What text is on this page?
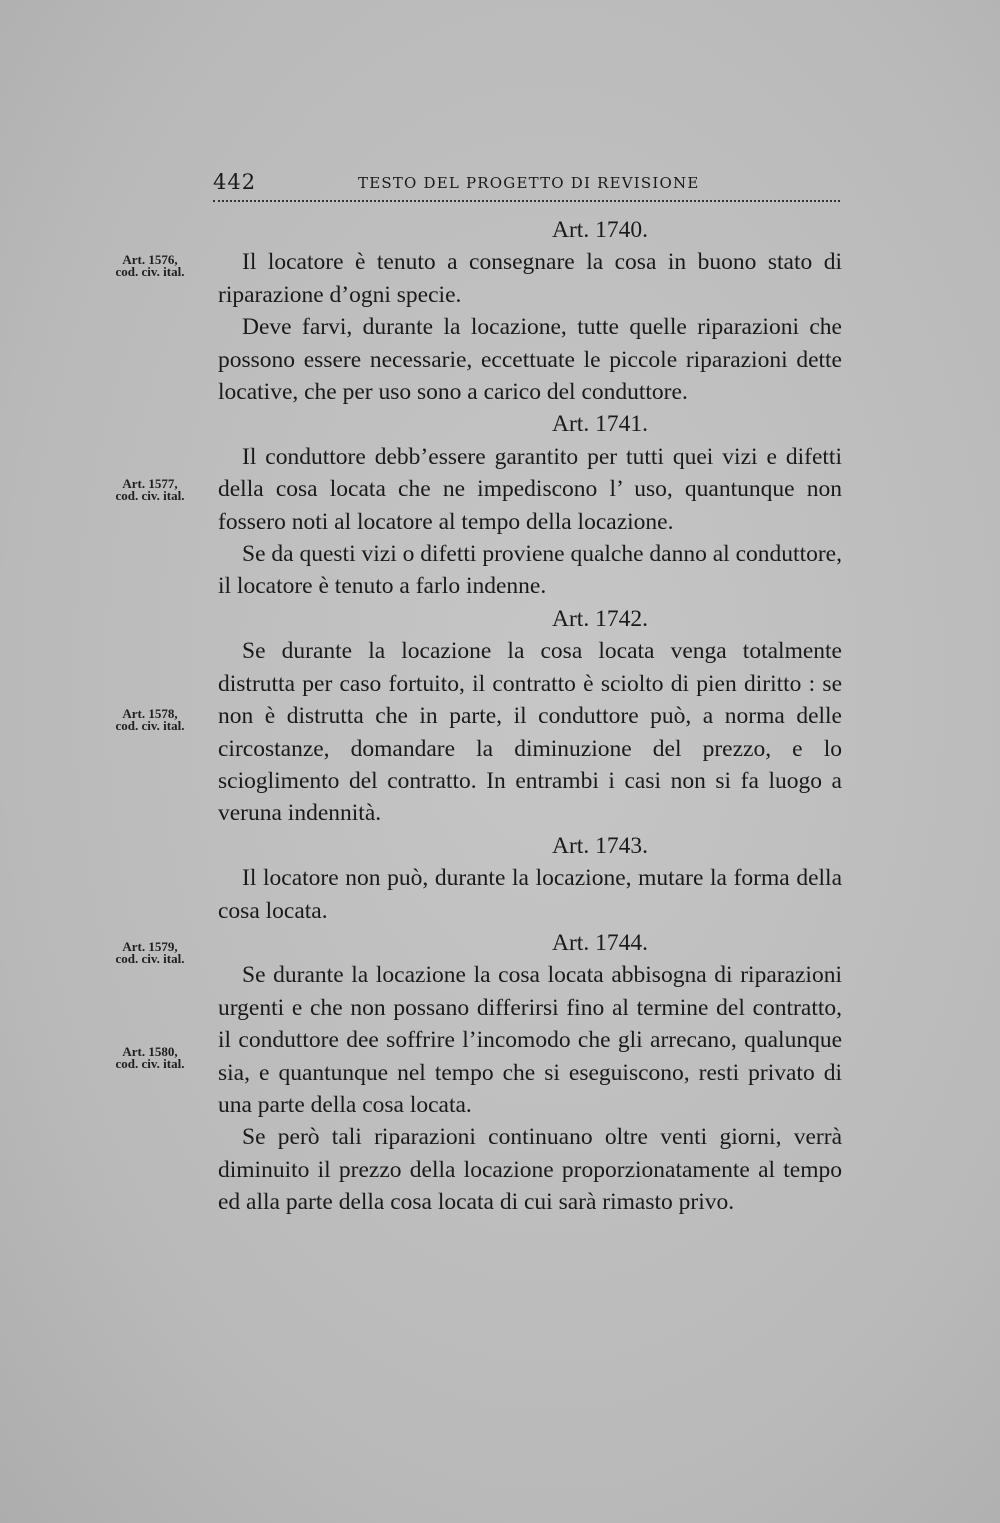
442	TESTO DEL PROGETTO DI REVISIONE
Art. 1576,
cod. civ. ital.
Art. 1577,
cod. civ. ital.
Art. 1578,
cod. civ. ital.
Art. 1579,
cod. civ. ital.
Art. 1580,
cod. civ. ital.

Art. 1740.

Il locatore è tenuto a consegnare la cosa in buono stato di riparazione d’ogni specie.

Deve farvi, durante la locazione, tutte quelle riparazioni che possono essere necessarie, eccettuate le piccole riparazioni dette locative, che per uso sono a carico del conduttore.

Art. 1741.

Il conduttore debb’essere garantito per tutti quei vizi e difetti della cosa locata che ne impediscono l’ uso, quantunque non fossero noti al locatore al tempo della locazione.

Se da questi vizi o difetti proviene qualche danno al conduttore, il locatore è tenuto a farlo indenne.

Art. 1742.

Se durante la locazione la cosa locata venga totalmente distrutta per caso fortuito, il contratto è sciolto di pien diritto : se non è distrutta che in parte, il conduttore può, a norma delle circostanze, domandare la diminuzione del prezzo, e lo scioglimento del contratto. In entrambi i casi non si fa luogo a veruna indennità.

Art. 1743.

Il locatore non può, durante la locazione, mutare la forma della cosa locata.

Art. 1744.

Se durante la locazione la cosa locata abbisogna di riparazioni urgenti e che non possano differirsi fino al termine del contratto, il conduttore dee soffrire l’incomodo che gli arrecano, qualunque sia, e quantunque nel tempo che si eseguiscono, resti privato di una parte della cosa locata.

Se però tali riparazioni continuano oltre venti giorni, verrà diminuito il prezzo della locazione proporzionatamente al tempo ed alla parte della cosa locata di cui sarà rimasto privo.
